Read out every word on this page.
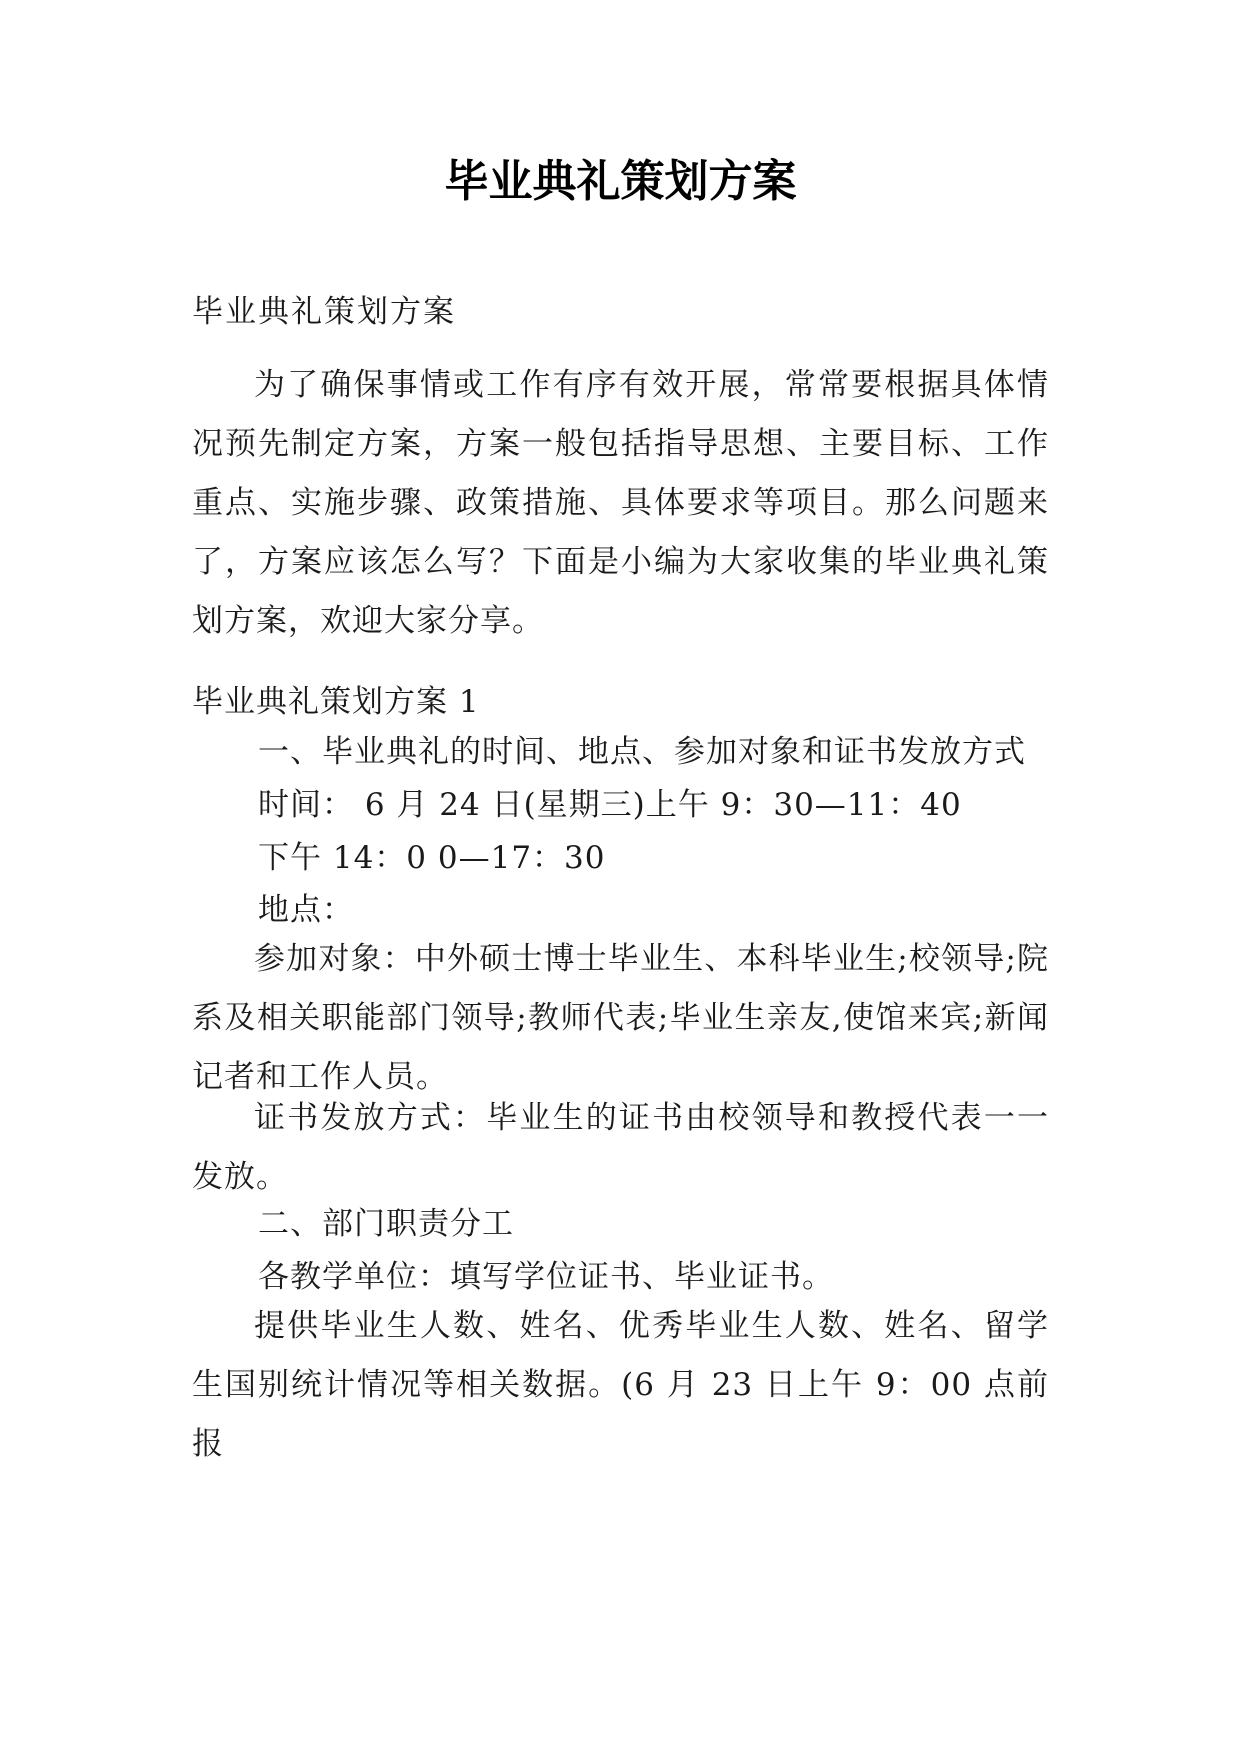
毕业典礼策划方案
毕业典礼策划方案

为了确保事情或工作有序有效开展，常常要根据具体情况预先制定方案，方案一般包括指导思想、主要目标、工作重点、实施步骤、政策措施、具体要求等项目。那么问题来了，方案应该怎么写？下面是小编为大家收集的毕业典礼策划方案，欢迎大家分享。

毕业典礼策划方案 1
一、毕业典礼的时间、地点、参加对象和证书发放方式
时间： 6 月 24 日(星期三)上午 9：30—11：40
下午 14：0 0—17：30
地点：

参加对象：中外硕士博士毕业生、本科毕业生;校领导;院系及相关职能部门领导;教师代表;毕业生亲友,使馆来宾;新闻记者和工作人员。

证书发放方式：毕业生的证书由校领导和教授代表一一发放。

二、部门职责分工
各教学单位：填写学位证书、毕业证书。

提供毕业生人数、姓名、优秀毕业生人数、姓名、留学生国别统计情况等相关数据。(6 月 23 日上午 9：00 点前报
